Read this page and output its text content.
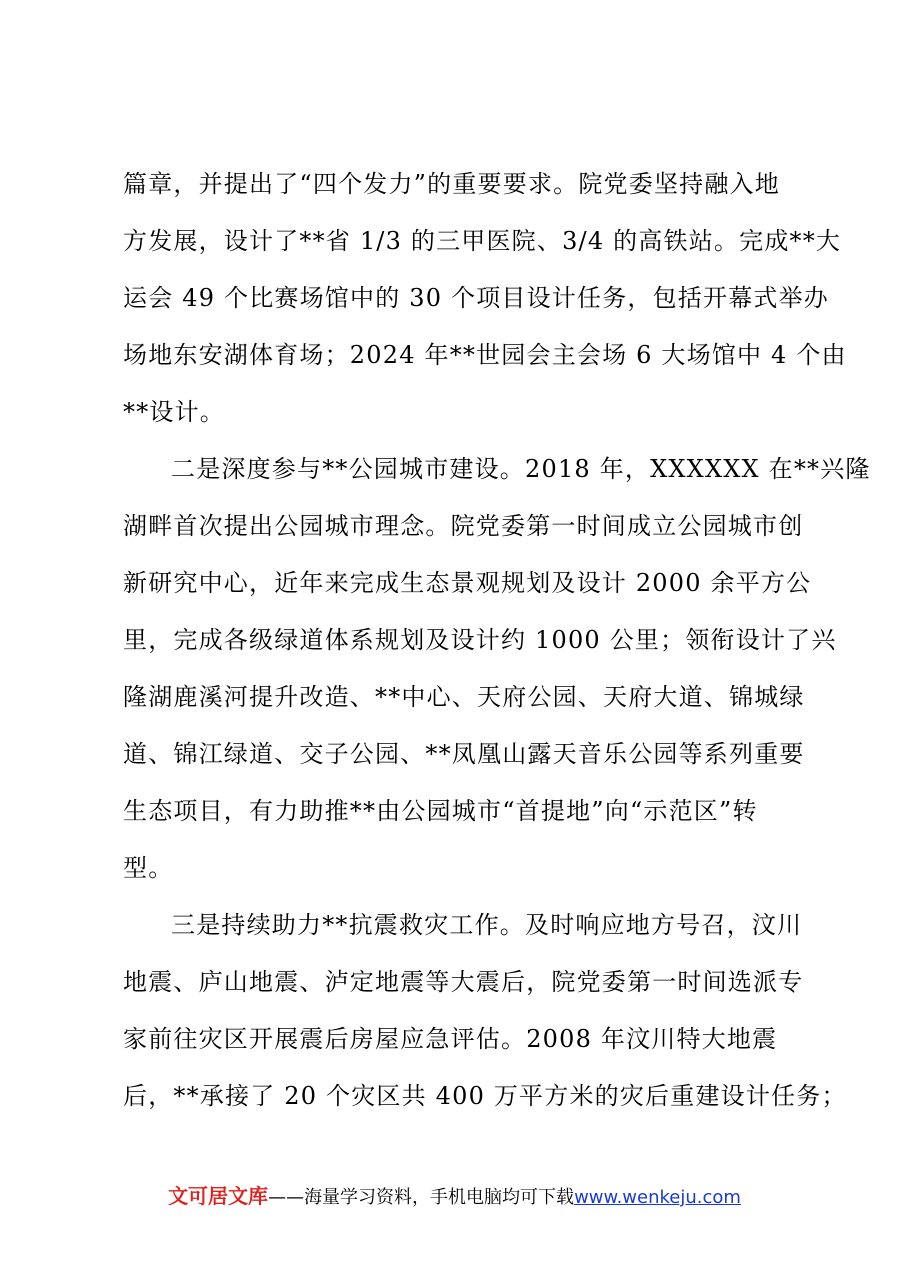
篇章，并提出了“四个发力”的重要要求。院党委坚持融入地
方发展，设计了**省 1/3 的三甲医院、3/4 的高铁站。完成**大
运会 49 个比赛场馆中的 30 个项目设计任务，包括开幕式举办
场地东安湖体育场；2024 年**世园会主会场 6 大场馆中 4 个由
**设计。
二是深度参与**公园城市建设。2018 年，XXXXXX 在**兴隆
湖畔首次提出公园城市理念。院党委第一时间成立公园城市创
新研究中心，近年来完成生态景观规划及设计 2000 余平方公
里，完成各级绿道体系规划及设计约 1000 公里；领衔设计了兴
隆湖鹿溪河提升改造、**中心、天府公园、天府大道、锦城绿
道、锦江绿道、交子公园、**凤凰山露天音乐公园等系列重要
生态项目，有力助推**由公园城市“首提地”向“示范区”转
型。
三是持续助力**抗震救灾工作。及时响应地方号召，汶川
地震、庐山地震、泸定地震等大震后，院党委第一时间选派专
家前往灾区开展震后房屋应急评估。2008 年汶川特大地震
后，**承接了 20 个灾区共 400 万平方米的灾后重建设计任务；
文可居文库——海量学习资料，手机电脑均可下载www.wenkeju.com
